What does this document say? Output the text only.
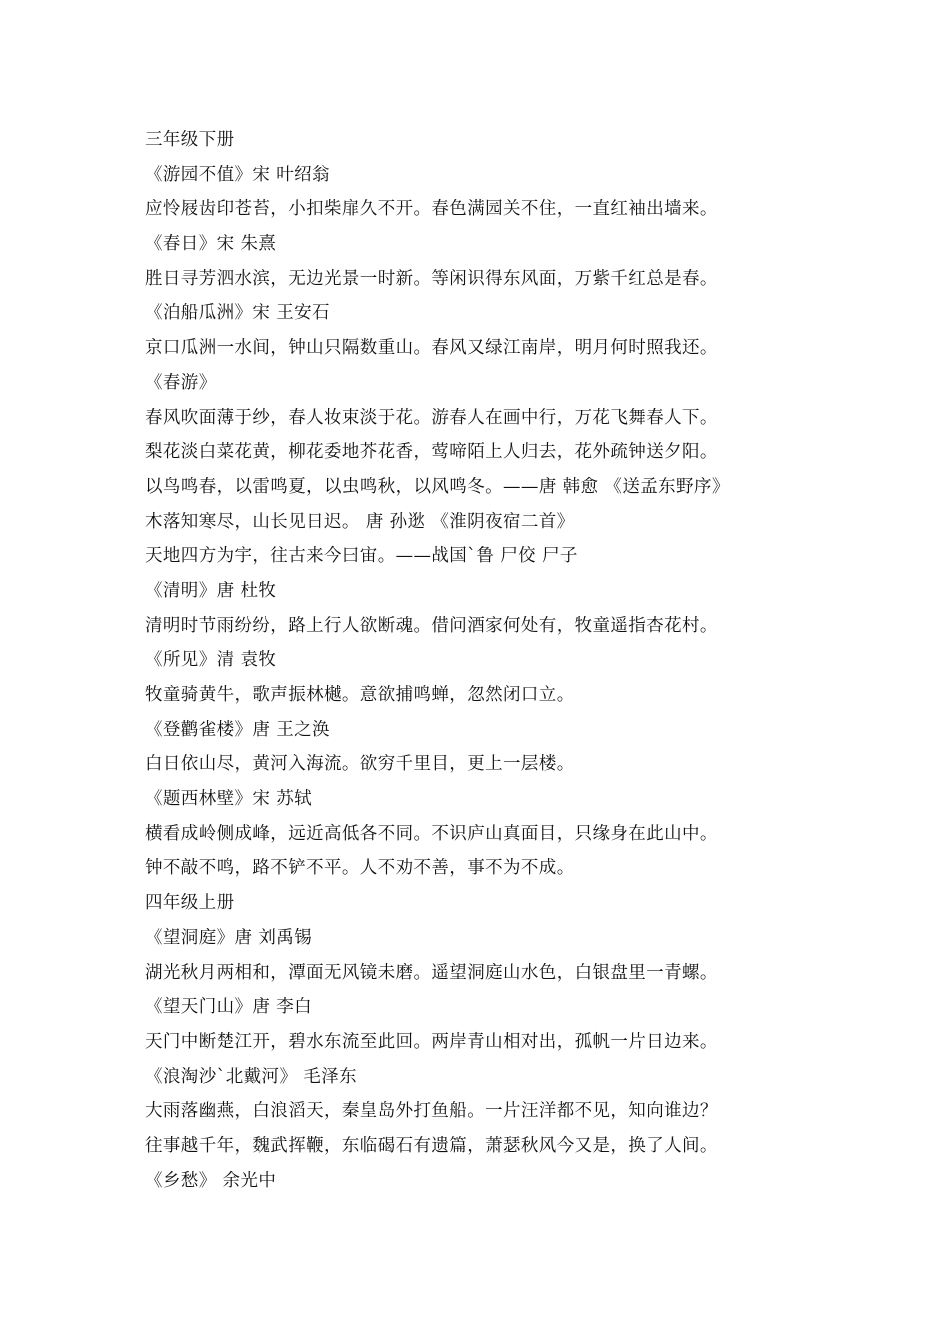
三年级下册
《游园不值》宋 叶绍翁
应怜屐齿印苍苔，小扣柴扉久不开。春色满园关不住，一直红袖出墙来。
《春日》宋 朱熹
胜日寻芳泗水滨，无边光景一时新。等闲识得东风面，万紫千红总是春。
《泊船瓜洲》宋 王安石
京口瓜洲一水间，钟山只隔数重山。春风又绿江南岸，明月何时照我还。
《春游》
春风吹面薄于纱，春人妆束淡于花。游春人在画中行，万花飞舞春人下。
梨花淡白菜花黄，柳花委地芥花香，莺啼陌上人归去，花外疏钟送夕阳。
以鸟鸣春，以雷鸣夏，以虫鸣秋，以风鸣冬。——唐 韩愈 《送孟东野序》
木落知寒尽，山长见日迟。 唐 孙逖 《淮阴夜宿二首》
天地四方为宇，往古来今曰宙。——战国`鲁 尸佼 尸子
《清明》唐 杜牧
清明时节雨纷纷，路上行人欲断魂。借问酒家何处有，牧童遥指杏花村。
《所见》清 袁牧
牧童骑黄牛，歌声振林樾。意欲捕鸣蝉，忽然闭口立。
《登鹳雀楼》唐 王之涣
白日依山尽，黄河入海流。欲穷千里目，更上一层楼。
《题西林壁》宋 苏轼
横看成岭侧成峰，远近高低各不同。不识庐山真面目，只缘身在此山中。
钟不敲不鸣，路不铲不平。人不劝不善，事不为不成。
四年级上册
《望洞庭》唐 刘禹锡
湖光秋月两相和，潭面无风镜未磨。遥望洞庭山水色，白银盘里一青螺。
《望天门山》唐 李白
天门中断楚江开，碧水东流至此回。两岸青山相对出，孤帆一片日边来。
《浪淘沙`北戴河》 毛泽东
大雨落幽燕，白浪滔天，秦皇岛外打鱼船。一片汪洋都不见，知向谁边？
往事越千年，魏武挥鞭，东临碣石有遗篇，萧瑟秋风今又是，换了人间。
《乡愁》 余光中
